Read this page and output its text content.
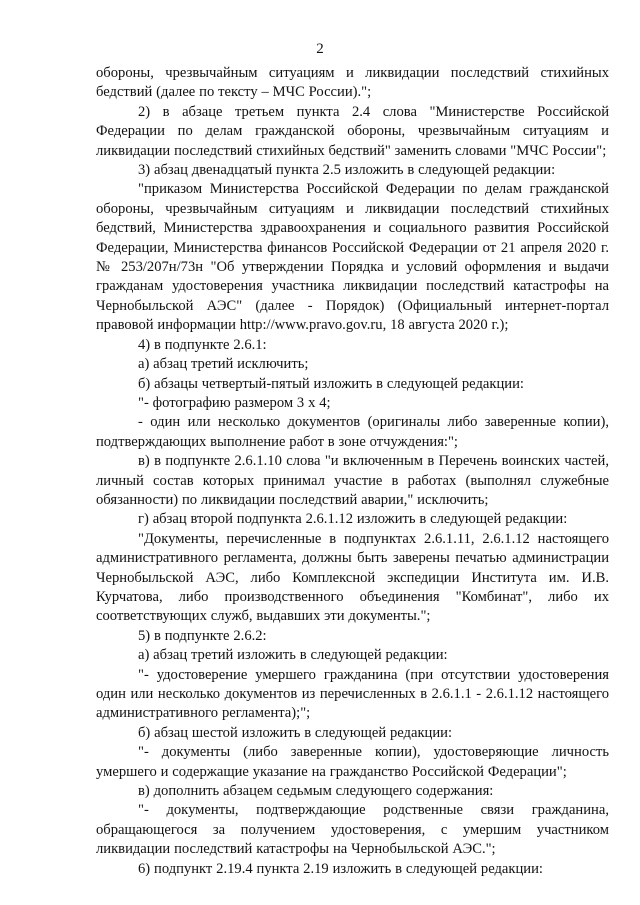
2

обороны, чрезвычайным ситуациям и ликвидации последствий стихийных бедствий (далее по тексту – МЧС России).";

2) в абзаце третьем пункта 2.4 слова "Министерстве Российской Федерации по делам гражданской обороны, чрезвычайным ситуациям и ликвидации последствий стихийных бедствий" заменить словами "МЧС России";

3) абзац двенадцатый пункта 2.5 изложить в следующей редакции:

"приказом Министерства Российской Федерации по делам гражданской обороны, чрезвычайным ситуациям и ликвидации последствий стихийных бедствий, Министерства здравоохранения и социального развития Российской Федерации, Министерства финансов Российской Федерации от 21 апреля 2020 г. № 253/207н/73н "Об утверждении Порядка и условий оформления и выдачи гражданам удостоверения участника ликвидации последствий катастрофы на Чернобыльской АЭС" (далее - Порядок) (Официальный интернет-портал правовой информации http://www.pravo.gov.ru, 18 августа 2020 г.);

4) в подпункте 2.6.1:

а) абзац третий исключить;

б) абзацы четвертый-пятый изложить в следующей редакции:

"- фотографию размером 3 х 4;

- один или несколько документов (оригиналы либо заверенные копии), подтверждающих выполнение работ в зоне отчуждения:";

в) в подпункте 2.6.1.10 слова "и включенным в Перечень воинских частей, личный состав которых принимал участие в работах (выполнял служебные обязанности) по ликвидации последствий аварии," исключить;

г) абзац второй подпункта 2.6.1.12 изложить в следующей редакции:

"Документы, перечисленные в подпунктах 2.6.1.11, 2.6.1.12 настоящего административного регламента, должны быть заверены печатью администрации Чернобыльской АЭС, либо Комплексной экспедиции Института им. И.В. Курчатова, либо производственного объединения "Комбинат", либо их соответствующих служб, выдавших эти документы.";

5) в подпункте 2.6.2:

а) абзац третий изложить в следующей редакции:

"- удостоверение умершего гражданина (при отсутствии удостоверения один или несколько документов из перечисленных в 2.6.1.1 - 2.6.1.12 настоящего административного регламента);";

б) абзац шестой изложить в следующей редакции:

"- документы (либо заверенные копии), удостоверяющие личность умершего и содержащие указание на гражданство Российской Федерации";

в) дополнить абзацем седьмым следующего содержания:

"- документы, подтверждающие родственные связи гражданина, обращающегося за получением удостоверения, с умершим участником ликвидации последствий катастрофы на Чернобыльской АЭС.";

6) подпункт 2.19.4 пункта 2.19 изложить в следующей редакции:
